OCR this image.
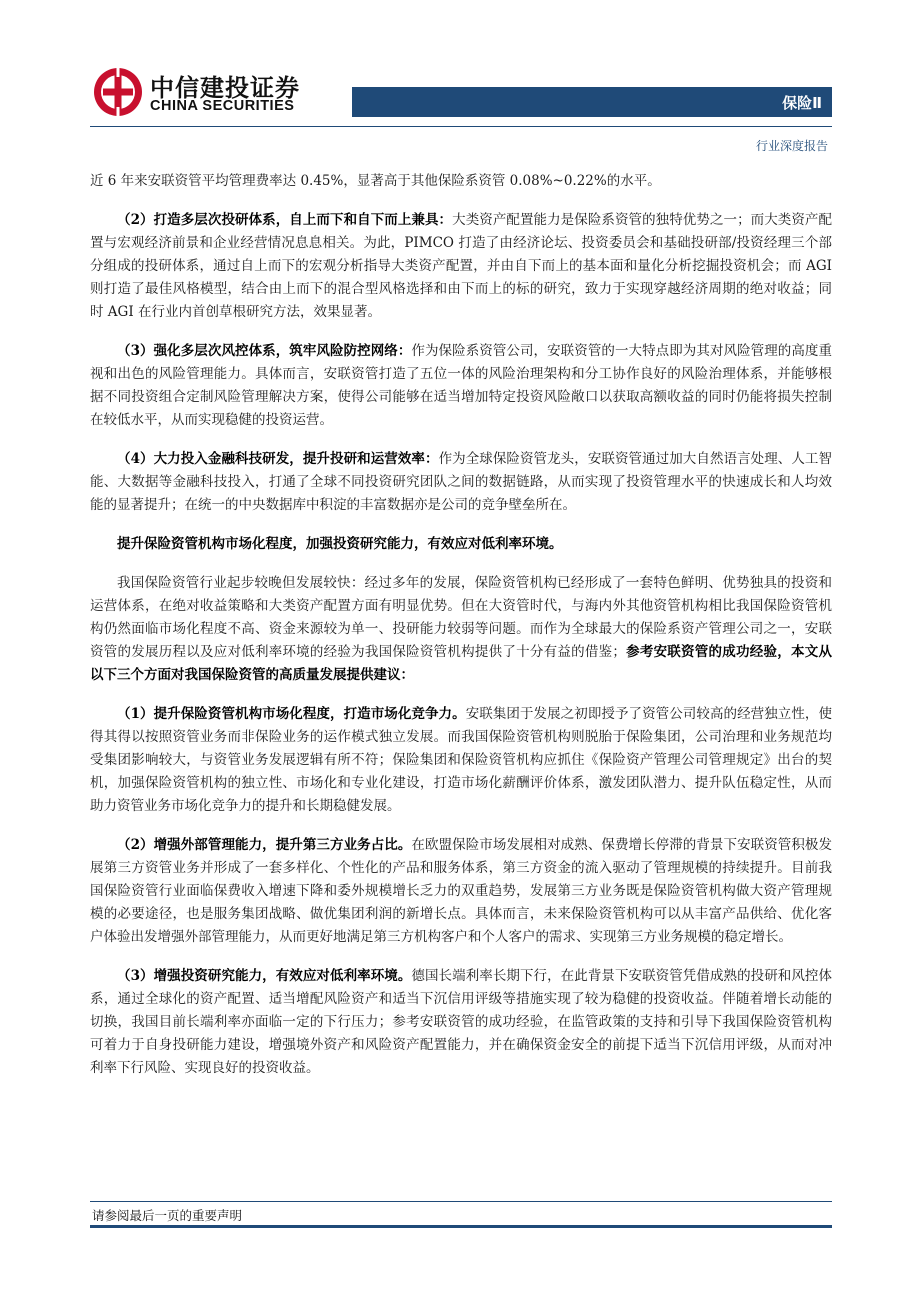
中信建投证券
CHINA SECURITIES	保险Ⅱ
行业深度报告

近 6 年来安联资管平均管理费率达 0.45%，显著高于其他保险系资管 0.08%~0.22%的水平。

（2）打造多层次投研体系，自上而下和自下而上兼具：大类资产配置能力是保险系资管的独特优势之一；而大类资产配置与宏观经济前景和企业经营情况息息相关。为此，PIMCO 打造了由经济论坛、投资委员会和基础投研部/投资经理三个部分组成的投研体系，通过自上而下的宏观分析指导大类资产配置，并由自下而上的基本面和量化分析挖掘投资机会；而 AGI 则打造了最佳风格模型，结合由上而下的混合型风格选择和由下而上的标的研究，致力于实现穿越经济周期的绝对收益；同时 AGI 在行业内首创草根研究方法，效果显著。

（3）强化多层次风控体系，筑牢风险防控网络：作为保险系资管公司，安联资管的一大特点即为其对风险管理的高度重视和出色的风险管理能力。具体而言，安联资管打造了五位一体的风险治理架构和分工协作良好的风险治理体系，并能够根据不同投资组合定制风险管理解决方案，使得公司能够在适当增加特定投资风险敞口以获取高额收益的同时仍能将损失控制在较低水平，从而实现稳健的投资运营。

（4）大力投入金融科技研发，提升投研和运营效率：作为全球保险资管龙头，安联资管通过加大自然语言处理、人工智能、大数据等金融科技投入，打通了全球不同投资研究团队之间的数据链路，从而实现了投资管理水平的快速成长和人均效能的显著提升；在统一的中央数据库中积淀的丰富数据亦是公司的竞争壁垒所在。

提升保险资管机构市场化程度，加强投资研究能力，有效应对低利率环境。

我国保险资管行业起步较晚但发展较快：经过多年的发展，保险资管机构已经形成了一套特色鲜明、优势独具的投资和运营体系，在绝对收益策略和大类资产配置方面有明显优势。但在大资管时代，与海内外其他资管机构相比我国保险资管机构仍然面临市场化程度不高、资金来源较为单一、投研能力较弱等问题。而作为全球最大的保险系资产管理公司之一，安联资管的发展历程以及应对低利率环境的经验为我国保险资管机构提供了十分有益的借鉴；参考安联资管的成功经验，本文从以下三个方面对我国保险资管的高质量发展提供建议：

（1）提升保险资管机构市场化程度，打造市场化竞争力。安联集团于发展之初即授予了资管公司较高的经营独立性，使得其得以按照资管业务而非保险业务的运作模式独立发展。而我国保险资管机构则脱胎于保险集团，公司治理和业务规范均受集团影响较大，与资管业务发展逻辑有所不符；保险集团和保险资管机构应抓住《保险资产管理公司管理规定》出台的契机，加强保险资管机构的独立性、市场化和专业化建设，打造市场化薪酬评价体系，激发团队潜力、提升队伍稳定性，从而助力资管业务市场化竞争力的提升和长期稳健发展。

（2）增强外部管理能力，提升第三方业务占比。在欧盟保险市场发展相对成熟、保费增长停滞的背景下安联资管积极发展第三方资管业务并形成了一套多样化、个性化的产品和服务体系，第三方资金的流入驱动了管理规模的持续提升。目前我国保险资管行业面临保费收入增速下降和委外规模增长乏力的双重趋势，发展第三方业务既是保险资管机构做大资产管理规模的必要途径，也是服务集团战略、做优集团利润的新增长点。具体而言，未来保险资管机构可以从丰富产品供给、优化客户体验出发增强外部管理能力，从而更好地满足第三方机构客户和个人客户的需求、实现第三方业务规模的稳定增长。

（3）增强投资研究能力，有效应对低利率环境。德国长端利率长期下行，在此背景下安联资管凭借成熟的投研和风控体系，通过全球化的资产配置、适当增配风险资产和适当下沉信用评级等措施实现了较为稳健的投资收益。伴随着增长动能的切换，我国目前长端利率亦面临一定的下行压力；参考安联资管的成功经验，在监管政策的支持和引导下我国保险资管机构可着力于自身投研能力建设，增强境外资产和风险资产配置能力，并在确保资金安全的前提下适当下沉信用评级，从而对冲利率下行风险、实现良好的投资收益。

请参阅最后一页的重要声明
